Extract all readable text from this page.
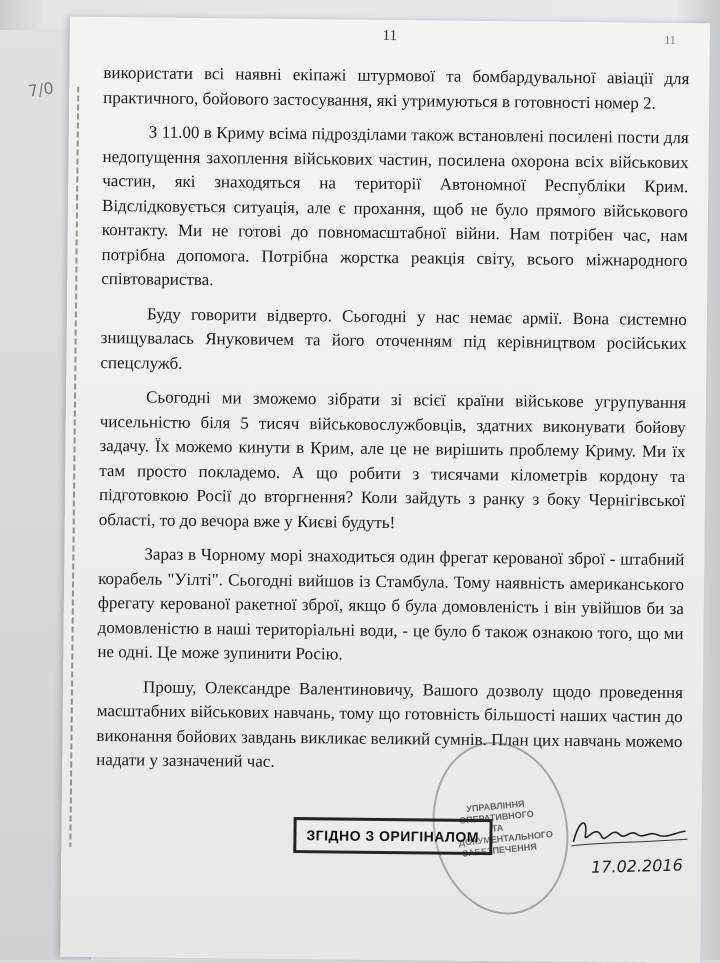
7/0
11	11

використати всі наявні екіпажі штурмової та бомбардувальної авіації для практичного, бойового застосування, які утримуються в готовності номер 2.

З 11.00 в Криму всіма підрозділами також встановлені посилені пости для недопущення захоплення військових частин, посилена охорона всіх військових частин, які знаходяться на території Автономної Республіки Крим. Відслідковується ситуація, але є прохання, щоб не було прямого військового контакту. Ми не готові до повномасштабної війни. Нам потрібен час, нам потрібна допомога. Потрібна жорстка реакція світу, всього міжнародного співтовариства.

Буду говорити відверто. Сьогодні у нас немає армії. Вона системно знищувалась Януковичем та його оточенням під керівництвом російських спецслужб.

Сьогодні ми зможемо зібрати зі всієї країни військове угрупування чисельністю біля 5 тисяч військовослужбовців, здатних виконувати бойову задачу. Їх можемо кинути в Крим, але це не вирішить проблему Криму. Ми їх там просто покладемо. А що робити з тисячами кілометрів кордону та підготовкою Росії до вторгнення? Коли зайдуть з ранку з боку Чернігівської області, то до вечора вже у Києві будуть!

Зараз в Чорному морі знаходиться один фрегат керованої зброї - штабний корабель "Уілті". Сьогодні вийшов із Стамбула. Тому наявність американського фрегату керованої ракетної зброї, якщо б була домовленість і він увійшов би за домовленістю в наші територіальні води, - це було б також ознакою того, що ми не одні. Це може зупинити Росію.

Прошу, Олександре Валентиновичу, Вашого дозволу щодо проведення масштабних військових навчань, тому що готовність більшості наших частин до виконання бойових завдань викликає великий сумнів. План цих навчань можемо надати у зазначений час.

УПРАВЛІННЯ ОПЕРАТИВНОГО ТА ДОКУМЕНТАЛЬНОГО ЗАБЕЗПЕЧЕННЯ
ЗГІДНО З ОРИГІНАЛОМ
17.02.2016
